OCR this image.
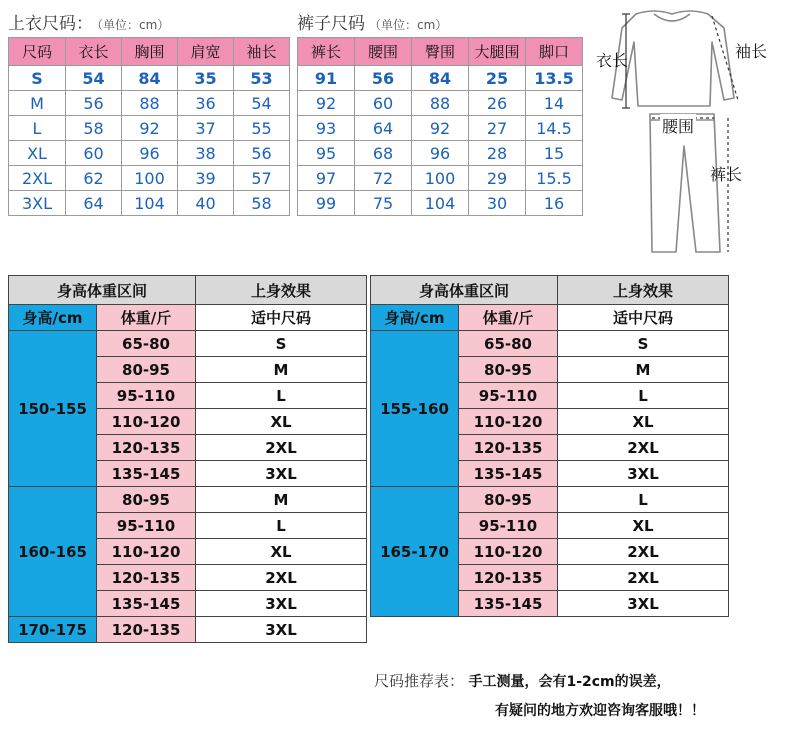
上衣尺码： （单位：cm）
尺码	衣长	胸围	肩宽	袖长
S	54	84	35	53
M	56	88	36	54
L	58	92	37	55
XL	60	96	38	56
2XL	62	100	39	57
3XL	64	104	40	58
裤子尺码 （单位：cm）
裤长	腰围	臀围	大腿围	脚口
91	56	84	25	13.5
92	60	88	26	14
93	64	92	27	14.5
95	68	96	28	15
97	72	100	29	15.5
99	75	104	30	16
衣长	袖长
腰围
裤长
身高体重区间		上身效果
身高/cm	体重/斤	适中尺码
150-155	65-80	S
	80-95	M
	95-110	L
	110-120	XL
	120-135	2XL
	135-145	3XL
160-165	80-95	M
	95-110	L
	110-120	XL
	120-135	2XL
	135-145	3XL
170-175	120-135	3XL
身高体重区间		上身效果
身高/cm	体重/斤	适中尺码
155-160	65-80	S
	80-95	M
	95-110	L
	110-120	XL
	120-135	2XL
	135-145	3XL
165-170	80-95	L
	95-110	XL
	110-120	2XL
	120-135	2XL
	135-145	3XL
尺码推荐表： 手工测量，会有1-2cm的误差，
有疑问的地方欢迎咨询客服哦！！
